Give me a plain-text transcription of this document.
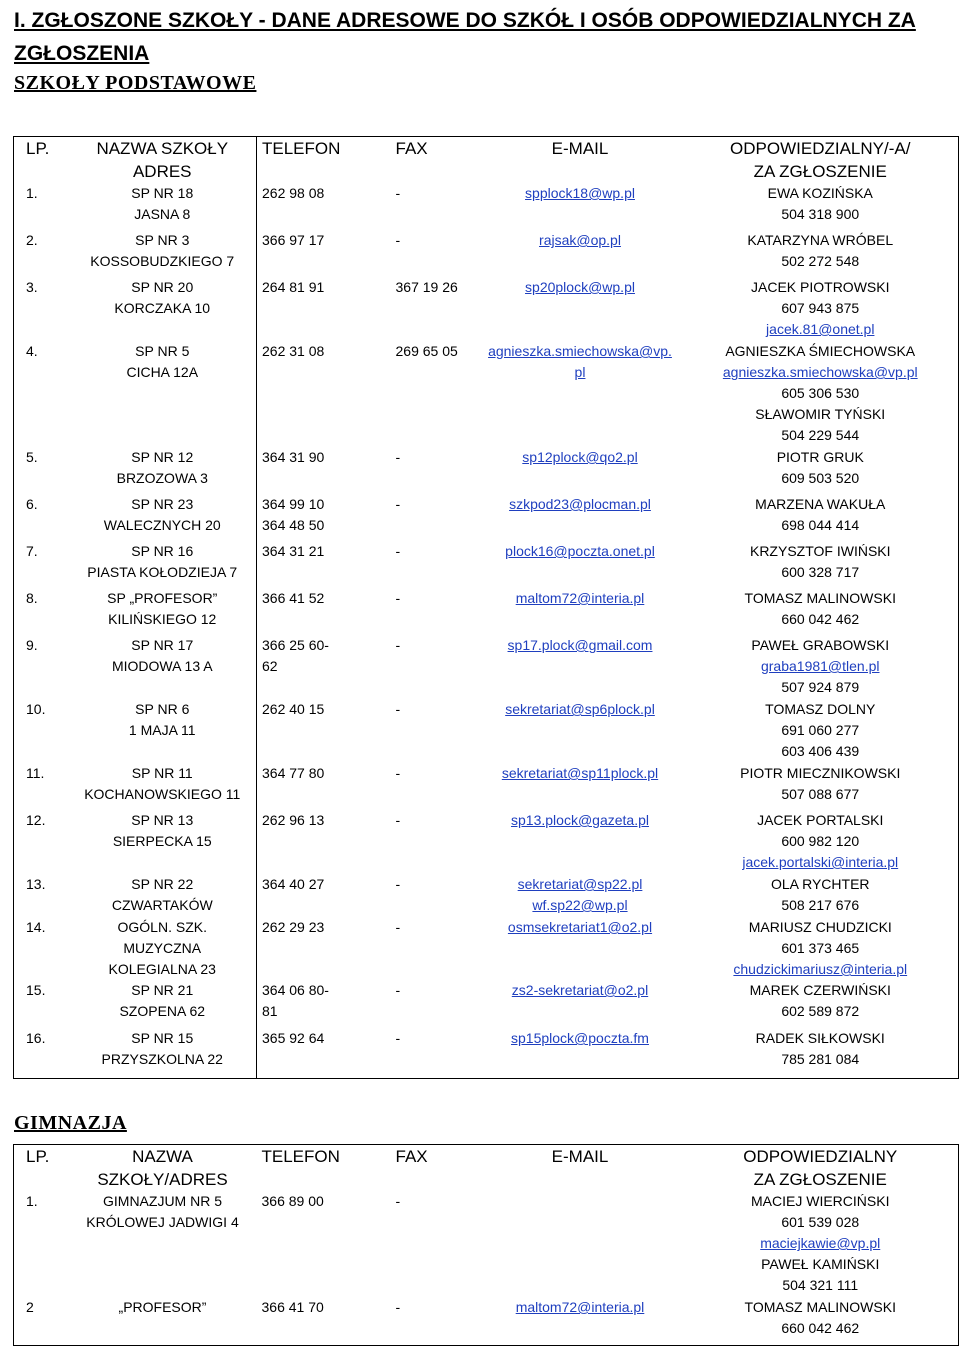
I. ZGŁOSZONE SZKOŁY - DANE ADRESOWE DO SZKÓŁ I OSÓB ODPOWIEDZIALNYCH ZA ZGŁOSZENIA
SZKOŁY PODSTAWOWE
LP.	NAZWA SZKOŁY
ADRES	TELEFON	FAX	E-MAIL	ODPOWIEDZIALNY/-A/
ZA ZGŁOSZENIE

1.	SP NR 18
JASNA 8	262 98 08	-	spplock18@wp.pl	EWA KOZIŃSKA
504 318 900

2.	SP NR 3
KOSSOBUDZKIEGO 7	366 97 17	-	rajsak@op.pl	KATARZYNA WRÓBEL
502 272 548

3.	SP NR 20
KORCZAKA 10	264 81 91	367 19 26	sp20plock@wp.pl	JACEK PIOTROWSKI
607 943 875
jacek.81@onet.pl

4.	SP NR 5
CICHA 12A	262 31 08	269 65 05	agnieszka.smiechowska@vp.
pl	AGNIESZKA ŚMIECHOWSKA
agnieszka.smiechowska@vp.pl
605 306 530
SŁAWOMIR TYŃSKI
504 229 544

5.	SP NR 12
BRZOZOWA 3	364 31 90	-	sp12plock@qo2.pl	PIOTR GRUK
609 503 520

6.	SP NR 23
WALECZNYCH 20	364 99 10
364 48 50	-	szkpod23@plocman.pl	MARZENA WAKUŁA
698 044 414

7.	SP NR 16
PIASTA KOŁODZIEJA 7	364 31 21	-	plock16@poczta.onet.pl	KRZYSZTOF IWIŃSKI
600 328 717

8.	SP „PROFESOR”
KILIŃSKIEGO 12	366 41 52	-	maltom72@interia.pl	TOMASZ MALINOWSKI
660 042 462

9.	SP NR 17
MIODOWA 13 A	366 25 60-
62	-	sp17.plock@gmail.com	PAWEŁ GRABOWSKI
graba1981@tlen.pl
507 924 879

10.	SP NR 6
1 MAJA 11	262 40 15	-	sekretariat@sp6plock.pl	TOMASZ DOLNY
691 060 277
603 406 439

11.	SP NR 11
KOCHANOWSKIEGO 11	364 77 80	-	sekretariat@sp11plock.pl	PIOTR MIECZNIKOWSKI
507 088 677

12.	SP NR 13
SIERPECKA 15	262 96 13	-	sp13.plock@gazeta.pl	JACEK PORTALSKI
600 982 120
jacek.portalski@interia.pl

13.	SP NR 22
CZWARTAKÓW	364 40 27	-	sekretariat@sp22.pl
wf.sp22@wp.pl	OLA RYCHTER
508 217 676

14.	OGÓLN. SZK.
MUZYCZNA
KOLEGIALNA 23	262 29 23	-	osmsekretariat1@o2.pl	MARIUSZ CHUDZICKI
601 373 465
chudzickimariusz@interia.pl

15.	SP NR 21
SZOPENA 62	364 06 80-
81	-	zs2-sekretariat@o2.pl	MAREK CZERWIŃSKI
602 589 872

16.	SP NR 15
PRZYSZKOLNA 22	365 92 64	-	sp15plock@poczta.fm	RADEK SIŁKOWSKI
785 281 084
GIMNAZJA
LP.	NAZWA
SZKOŁY/ADRES	TELEFON	FAX	E-MAIL	ODPOWIEDZIALNY
ZA ZGŁOSZENIE

1.	GIMNAZJUM NR 5
KRÓLOWEJ JADWIGI 4	366 89 00	-		MACIEJ WIERCIŃSKI
601 539 028
maciejkawie@vp.pl
PAWEŁ KAMIŃSKI
504 321 111

2	„PROFESOR”	366 41 70	-	maltom72@interia.pl	TOMASZ MALINOWSKI
660 042 462
